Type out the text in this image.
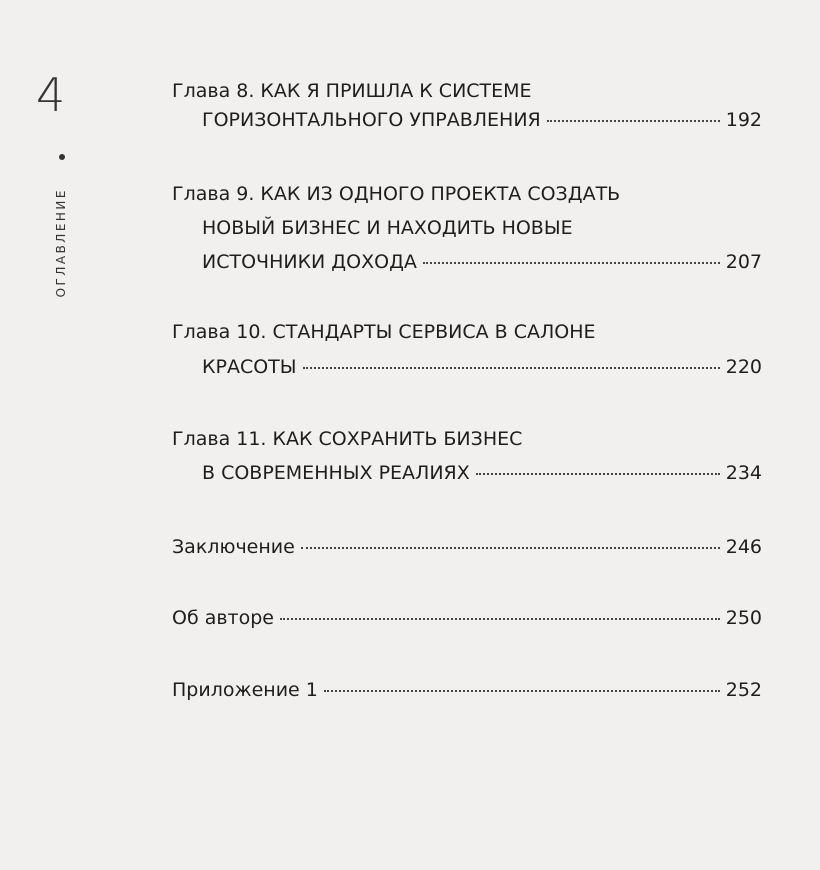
4
ОГЛАВЛЕНИЕ
Глава 8. КАК Я ПРИШЛА К СИСТЕМЕ
ГОРИЗОНТАЛЬНОГО УПРАВЛЕНИЯ	192
Глава 9. КАК ИЗ ОДНОГО ПРОЕКТА СОЗДАТЬ
НОВЫЙ БИЗНЕС И НАХОДИТЬ НОВЫЕ
ИСТОЧНИКИ ДОХОДА	207
Глава 10. СТАНДАРТЫ СЕРВИСА В САЛОНЕ
КРАСОТЫ	220
Глава 11. КАК СОХРАНИТЬ БИЗНЕС
В СОВРЕМЕННЫХ РЕАЛИЯХ	234
Заключение	246
Об авторе	250
Приложение 1	252
